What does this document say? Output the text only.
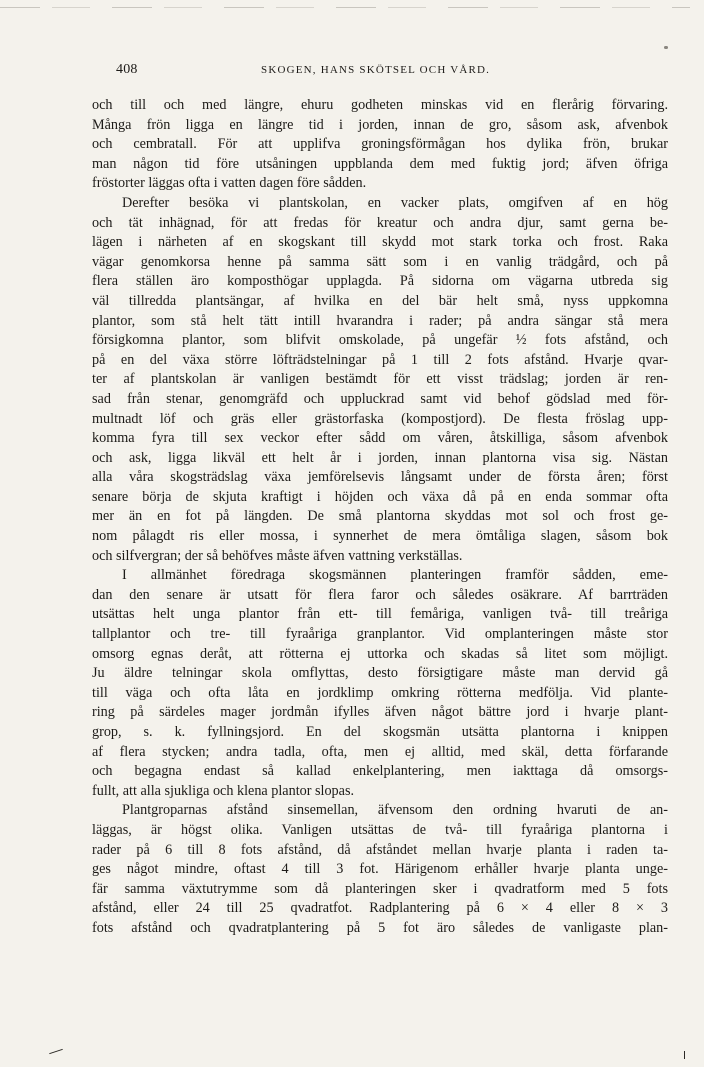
408	SKOGEN, HANS SKÖTSEL OCH VÅRD.
och till och med längre, ehuru godheten minskas vid en flerårig förvaring.
Många frön ligga en längre tid i jorden, innan de gro, såsom ask, afvenbok
och cembratall. För att upplifva groningsförmågan hos dylika frön, brukar
man någon tid före utsåningen uppblanda dem med fuktig jord; äfven öfriga
fröstorter läggas ofta i vatten dagen före sådden.
Derefter besöka vi plantskolan, en vacker plats, omgifven af en hög
och tät inhägnad, för att fredas för kreatur och andra djur, samt gerna be-
lägen i närheten af en skogskant till skydd mot stark torka och frost. Raka
vägar genomkorsa henne på samma sätt som i en vanlig trädgård, och på
flera ställen äro komposthögar upplagda. På sidorna om vägarna utbreda sig
väl tillredda plantsängar, af hvilka en del bär helt små, nyss uppkomna
plantor, som stå helt tätt intill hvarandra i rader; på andra sängar stå mera
försigkomna plantor, som blifvit omskolade, på ungefär ½ fots afstånd, och
på en del växa större löfträdstelningar på 1 till 2 fots afstånd. Hvarje qvar-
ter af plantskolan är vanligen bestämdt för ett visst trädslag; jorden är ren-
sad från stenar, genomgräfd och uppluckrad samt vid behof gödslad med för-
multnadt löf och gräs eller grästorfaska (kompostjord). De flesta fröslag upp-
komma fyra till sex veckor efter sådd om våren, åtskilliga, såsom afvenbok
och ask, ligga likväl ett helt år i jorden, innan plantorna visa sig. Nästan
alla våra skogsträdslag växa jemförelsevis långsamt under de första åren; först
senare börja de skjuta kraftigt i höjden och växa då på en enda sommar ofta
mer än en fot på längden. De små plantorna skyddas mot sol och frost ge-
nom pålagdt ris eller mossa, i synnerhet de mera ömtåliga slagen, såsom bok
och silfvergran; der så behöfves måste äfven vattning verkställas.
I allmänhet föredraga skogsmännen planteringen framför sådden, eme-
dan den senare är utsatt för flera faror och således osäkrare. Af barrträden
utsättas helt unga plantor från ett- till femåriga, vanligen två- till treåriga
tallplantor och tre- till fyraåriga granplantor. Vid omplanteringen måste stor
omsorg egnas deråt, att rötterna ej uttorka och skadas så litet som möjligt.
Ju äldre telningar skola omflyttas, desto försigtigare måste man dervid gå
till väga och ofta låta en jordklimp omkring rötterna medfölja. Vid plante-
ring på särdeles mager jordmån ifylles äfven något bättre jord i hvarje plant-
grop, s. k. fyllningsjord. En del skogsmän utsätta plantorna i knippen
af flera stycken; andra tadla, ofta, men ej alltid, med skäl, detta förfarande
och begagna endast så kallad enkelplantering, men iakttaga då omsorgs-
fullt, att alla sjukliga och klena plantor slopas.
Plantgroparnas afstånd sinsemellan, äfvensom den ordning hvaruti de an-
läggas, är högst olika. Vanligen utsättas de två- till fyraåriga plantorna i
rader på 6 till 8 fots afstånd, då afståndet mellan hvarje planta i raden ta-
ges något mindre, oftast 4 till 3 fot. Härigenom erhåller hvarje planta unge-
fär samma växtutrymme som då planteringen sker i qvadratform med 5 fots
afstånd, eller 24 till 25 qvadratfot. Radplantering på 6 × 4 eller 8 × 3
fots afstånd och qvadratplantering på 5 fot äro således de vanligaste plan-
